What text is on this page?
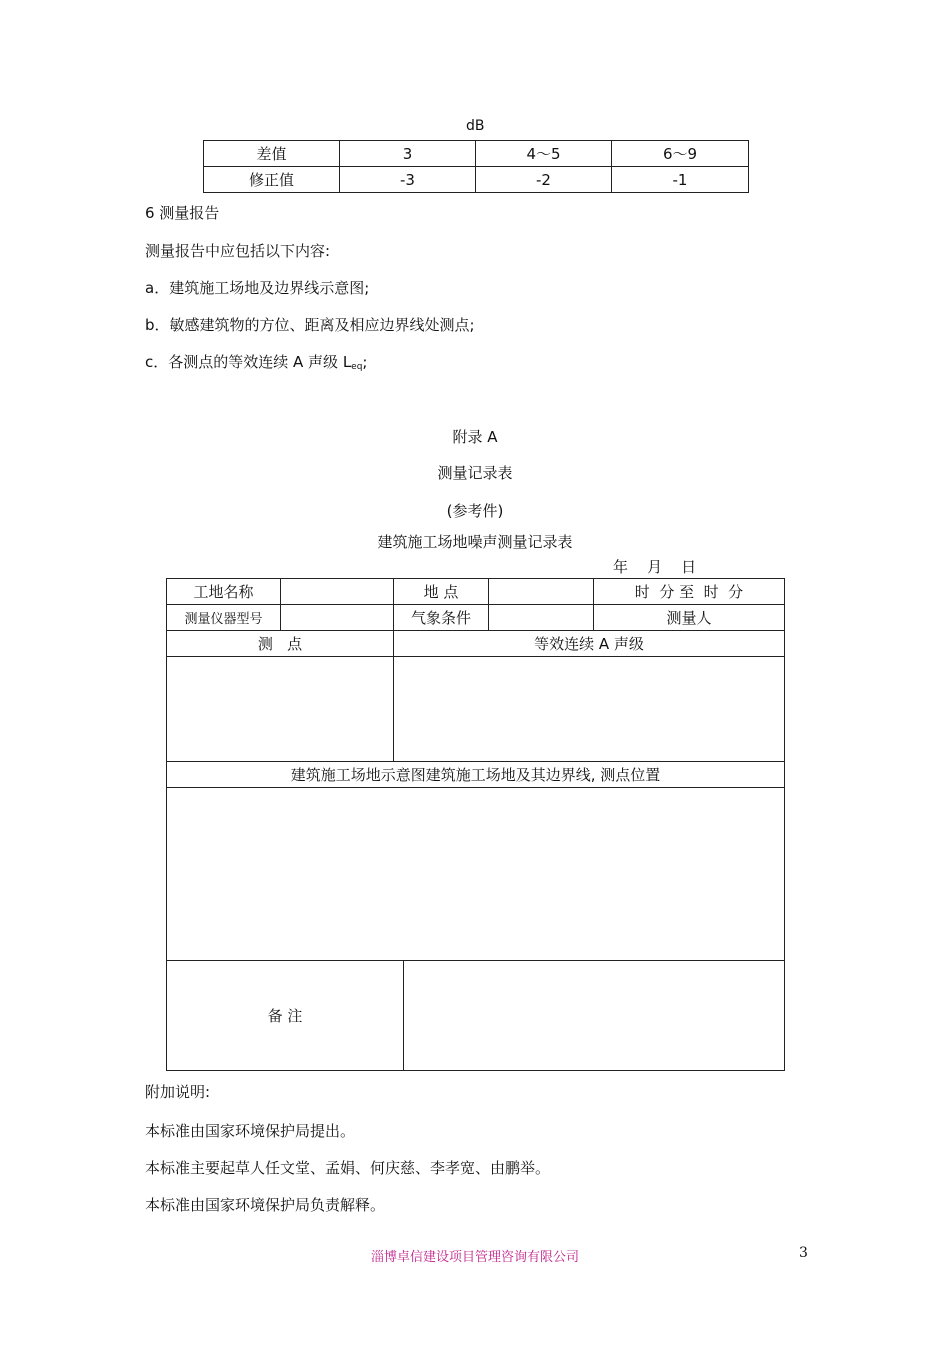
dB
差值	3	4～5	6～9
修正值	-3	-2	-1
6 测量报告
测量报告中应包括以下内容:
a．建筑施工场地及边界线示意图;
b．敏感建筑物的方位、距离及相应边界线处测点;
c．各测点的等效连续 A 声级 $L_{eq}$;
附录 A
测量记录表
(参考件)
建筑施工场地噪声测量记录表
年    月    日
工地名称		地 点			时  分 至  时  分
测量仪器型号		气象条件			测量人
测   点		等效连续 A 声级			

建筑施工场地示意图建筑施工场地及其边界线, 测点位置					

备 注					
附加说明:
本标准由国家环境保护局提出。
本标准主要起草人任文堂、孟娟、何庆慈、李孝宽、由鹏举。
本标准由国家环境保护局负责解释。
淄博卓信建设项目管理咨询有限公司	3
